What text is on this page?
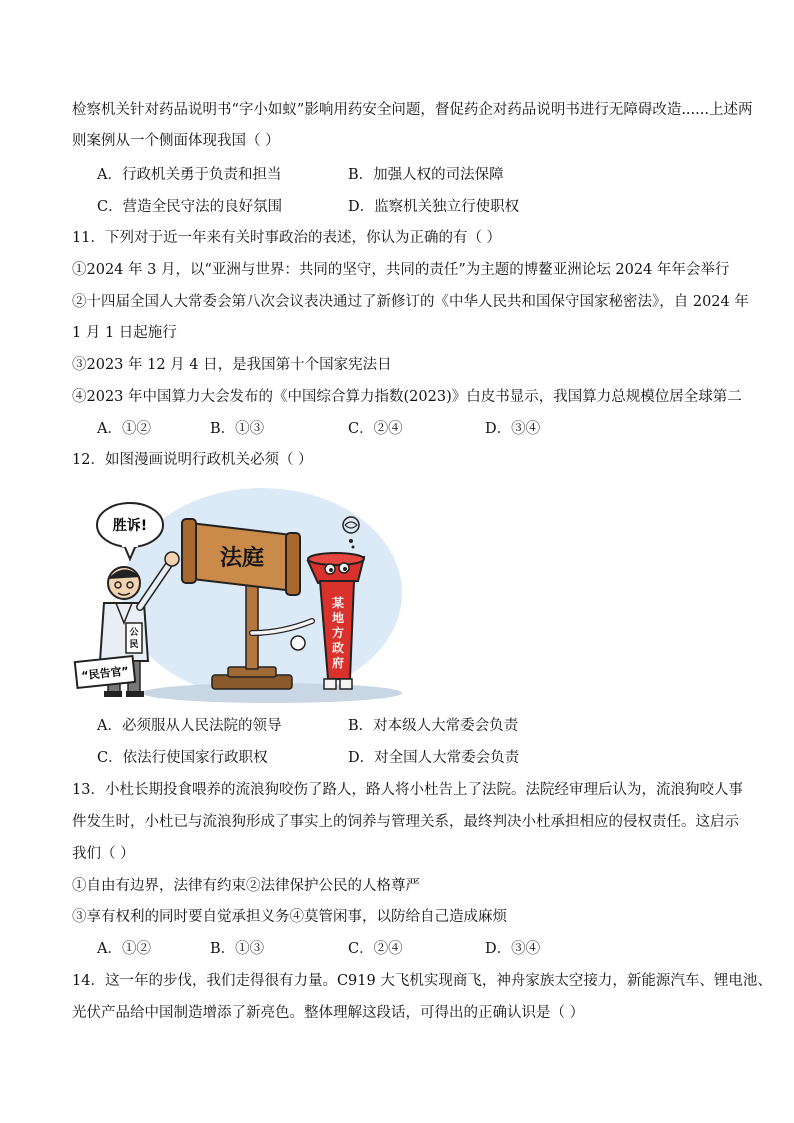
检察机关针对药品说明书“字小如蚁”影响用药安全问题，督促药企对药品说明书进行无障碍改造......上述两
则案例从一个侧面体现我国（ ）
A．行政机关勇于负责和担当	B．加强人权的司法保障
C．营造全民守法的良好氛围	D．监察机关独立行使职权
11．下列对于近一年来有关时事政治的表述，你认为正确的有（ ）
①2024 年 3 月，以“亚洲与世界：共同的坚守，共同的责任”为主题的博鳌亚洲论坛 2024 年年会举行
②十四届全国人大常委会第八次会议表决通过了新修订的《中华人民共和国保守国家秘密法》，自 2024 年
1 月 1 日起施行
③2023 年 12 月 4 日，是我国第十个国家宪法日
④2023 年中国算力大会发布的《中国综合算力指数(2023)》白皮书显示，我国算力总规模位居全球第二
A．①②	B．①③	C．②④	D．③④
12．如图漫画说明行政机关必须（ ）
胜诉!
法庭
公
民
“民告官”
某
地
方
政
府
A．必须服从人民法院的领导	B．对本级人大常委会负责
C．依法行使国家行政职权	D．对全国人大常委会负责
13．小杜长期投食喂养的流浪狗咬伤了路人，路人将小杜告上了法院。法院经审理后认为，流浪狗咬人事
件发生时，小杜已与流浪狗形成了事实上的饲养与管理关系，最终判决小杜承担相应的侵权责任。这启示
我们（ ）
①自由有边界，法律有约束②法律保护公民的人格尊严
③享有权利的同时要自觉承担义务④莫管闲事，以防给自己造成麻烦
A．①②	B．①③	C．②④	D．③④
14．这一年的步伐，我们走得很有力量。C919 大飞机实现商飞，神舟家族太空接力，新能源汽车、锂电池、
光伏产品给中国制造增添了新亮色。整体理解这段话，可得出的正确认识是（ ）
